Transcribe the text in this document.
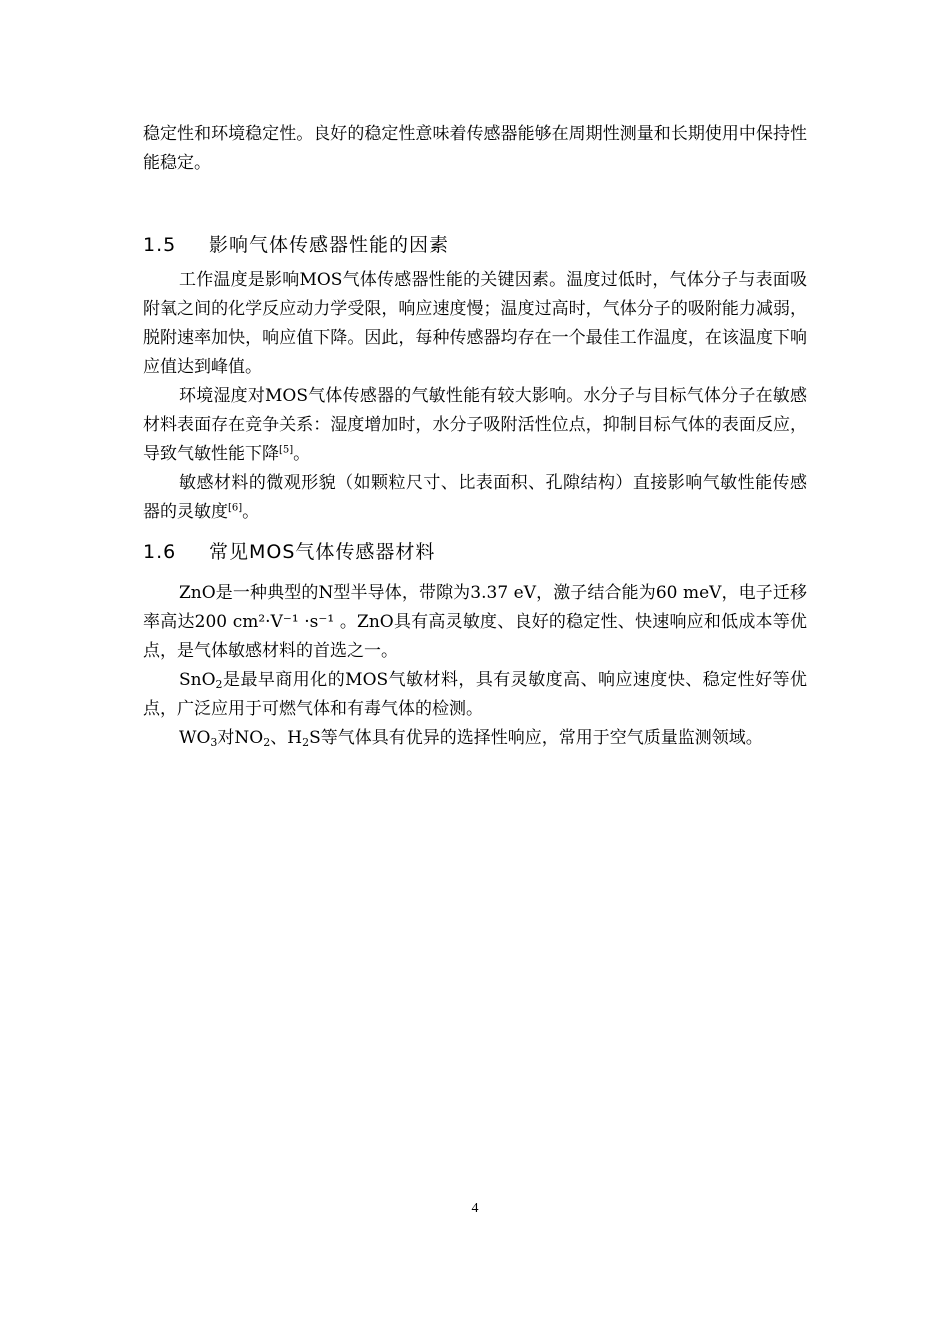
稳定性和环境稳定性。良好的稳定性意味着传感器能够在周期性测量和长期使用中保持性能稳定。

1.5 影响气体传感器性能的因素

工作温度是影响MOS气体传感器性能的关键因素。温度过低时，气体分子与表面吸附氧之间的化学反应动力学受限，响应速度慢；温度过高时，气体分子的吸附能力减弱，脱附速率加快，响应值下降。因此，每种传感器均存在一个最佳工作温度，在该温度下响应值达到峰值。

环境湿度对MOS气体传感器的气敏性能有较大影响。水分子与目标气体分子在敏感材料表面存在竞争关系：湿度增加时，水分子吸附活性位点，抑制目标气体的表面反应，导致气敏性能下降[5]。

敏感材料的微观形貌（如颗粒尺寸、比表面积、孔隙结构）直接影响气敏性能传感器的灵敏度[6]。

1.6 常见MOS气体传感器材料

ZnO是一种典型的N型半导体，带隙为3.37 eV，激子结合能为60 meV，电子迁移率高达200 cm²·V⁻¹ ·s⁻¹ 。ZnO具有高灵敏度、良好的稳定性、快速响应和低成本等优点，是气体敏感材料的首选之一。

SnO$_2$是最早商用化的MOS气敏材料，具有灵敏度高、响应速度快、稳定性好等优点，广泛应用于可燃气体和有毒气体的检测。

$WO_3$对$NO_2$、$H_2S$等气体具有优异的选择性响应，常用于空气质量监测领域。

4
